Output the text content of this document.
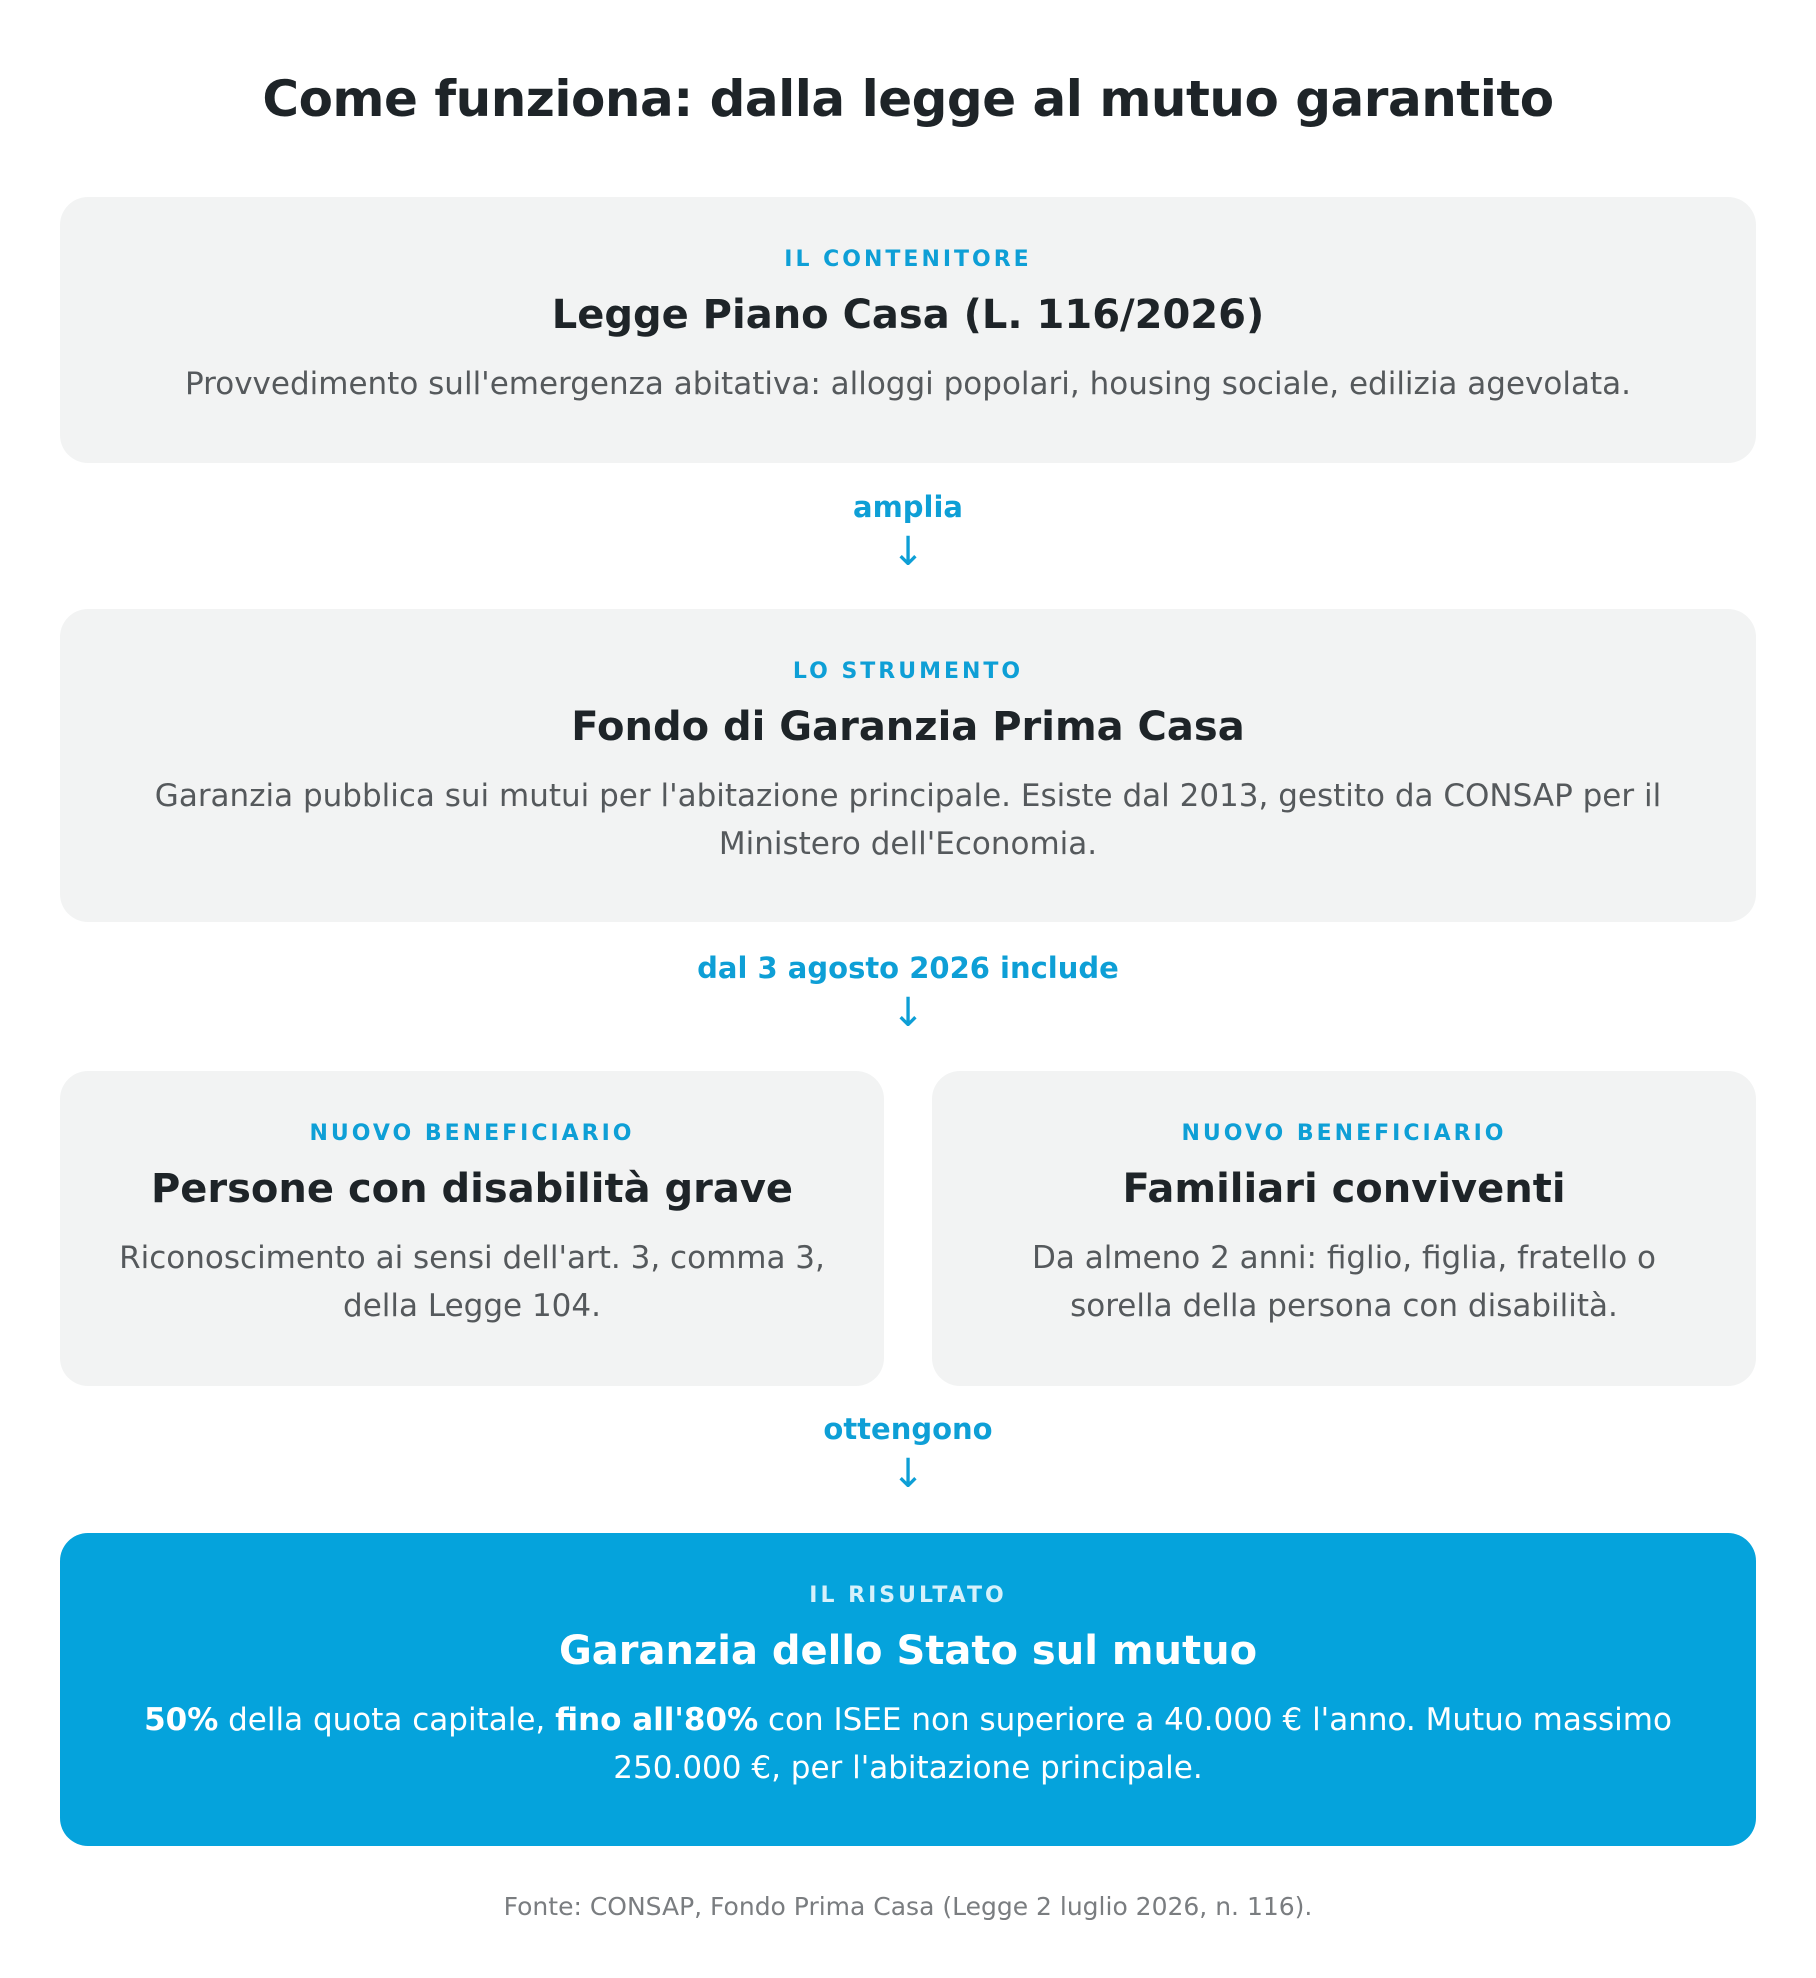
Come funziona: dalla legge al mutuo garantito
IL CONTENITORE
Legge Piano Casa (L. 116/2026)
Provvedimento sull'emergenza abitativa: alloggi popolari, housing sociale, edilizia agevolata.
amplia
↓
LO STRUMENTO
Fondo di Garanzia Prima Casa
Garanzia pubblica sui mutui per l'abitazione principale. Esiste dal 2013, gestito da CONSAP per il Ministero dell'Economia.
dal 3 agosto 2026 include
↓
NUOVO BENEFICIARIO
Persone con disabilità grave
Riconoscimento ai sensi dell'art. 3, comma 3, della Legge 104.
NUOVO BENEFICIARIO
Familiari conviventi
Da almeno 2 anni: figlio, figlia, fratello o sorella della persona con disabilità.
ottengono
↓
IL RISULTATO
Garanzia dello Stato sul mutuo
50% della quota capitale, fino all'80% con ISEE non superiore a 40.000 € l'anno. Mutuo massimo 250.000 €, per l'abitazione principale.
Fonte: CONSAP, Fondo Prima Casa (Legge 2 luglio 2026, n. 116).
